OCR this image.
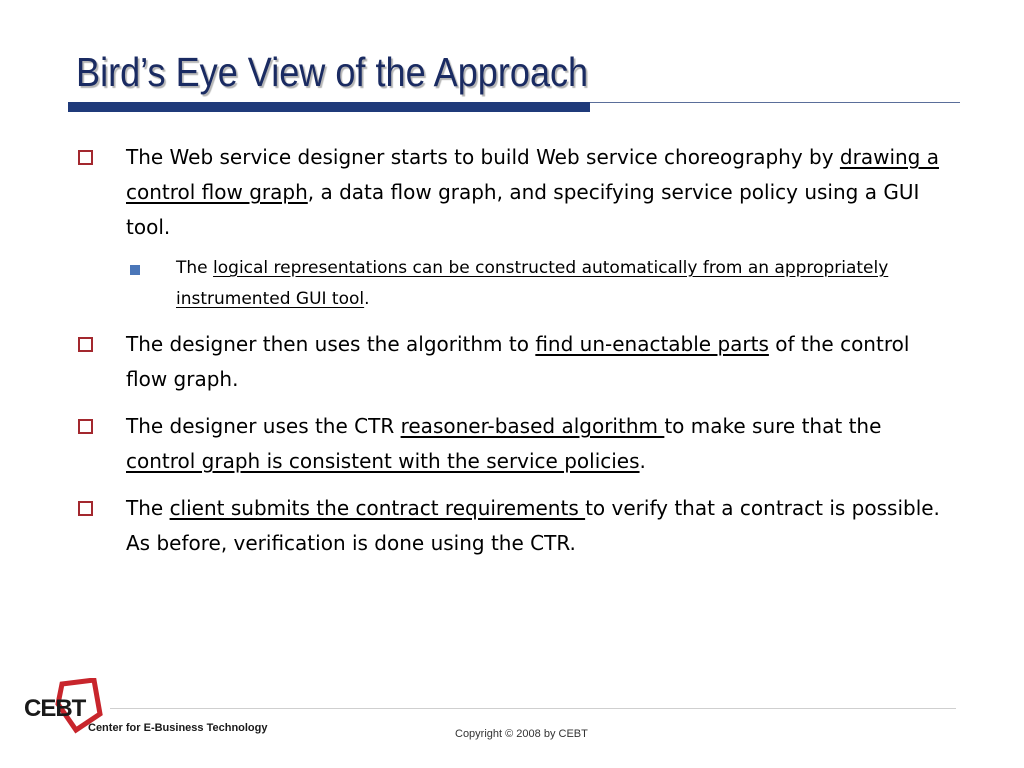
Bird’s Eye View of the Approach
The Web service designer starts to build Web service choreography by drawing a control flow graph, a data flow graph, and specifying service policy using a GUI tool.
The logical representations can be constructed automatically from an appropriately instrumented GUI tool.
The designer then uses the algorithm to find un-enactable parts of the control flow graph.
The designer uses the CTR reasoner-based algorithm to make sure that the control graph is consistent with the service policies.
The client submits the contract requirements to verify that a contract is possible. As before, verification is done using the CTR.
CEBT
Center for E-Business Technology	Copyright © 2008 by CEBT
